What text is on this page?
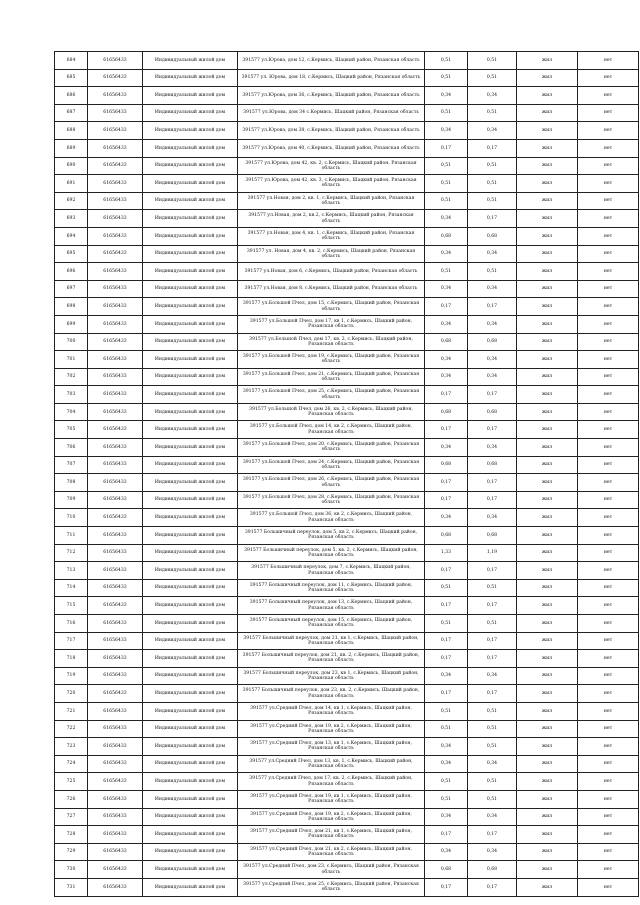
684	61656433	Индивидуальный жилой дом	391577 ул.Юрова, дом 12, с.Кермись, Шацкий район, Рязанская область	0,51	0,51	жил	нет
685	61656433	Индивидуальный жилой дом	391577 ул. Юрова, дом 18, с.Кермись, Шацкий район, Рязанская область	0,51	0,51	жил	нет
686	61656433	Индивидуальный жилой дом	391577 ул.Юрова, дом 36, с.Кермись, Шацкий район, Рязанская область	0,34	0,34	жил	нет
687	61656433	Индивидуальный жилой дом	391577 ул.Юрова, дом 34 с.Кермись, Шацкий район, Рязанская область	0,51	0,51	жил	нет
688	61656433	Индивидуальный жилой дом	391577 ул.Юрова, дом 38, с.Кермись, Шацкий район, Рязанская область	0,34	0,34	жил	нет
689	61656433	Индивидуальный жилой дом	391577 ул.Юрова, дом 40, с.Кермись, Шацкий район, Рязанская область	0,17	0,17	жил	нет
690	61656433	Индивидуальный жилой дом	391577 ул.Юрова, дом 42, кв. 2, с.Кермись, Шацкий район, Рязанская область	0,51	0,51	жил	нет
691	61656433	Индивидуальный жилой дом	391577 ул.Юрова, дом 42, кв. 3, с.Кермись, Шацкий район, Рязанская область	0,51	0,51	жил	нет
692	61656433	Индивидуальный жилой дом	391577 ул.Новая, дом 2, кв. 1, с.Кермись, Шацкий район, Рязанская область	0,51	0,51	жил	нет
693	61656433	Индивидуальный жилой дом	391577 ул.Новая, дом 2, кв.2, с.Кермись, Шацкий район, Рязанская область	0,34	0,17	жил	нет
694	61656433	Индивидуальный жилой дом	391577 ул.Новая, дом 4, кв. 1, с.Кермись, Шацкий район, Рязанская область	0,68	0,68	жил	нет
695	61656433	Индивидуальный жилой дом	391577 ул. Новая, дом 4, кв. 2, с.Кермись, Шацкий район, Рязанская область	0,34	0,34	жил	нет
696	61656433	Индивидуальный жилой дом	391577 ул.Новая, дом 6, с.Кермись, Шацкий район, Рязанская область	0,51	0,51	жил	нет
697	61656433	Индивидуальный жилой дом	391577 ул.Новая, дом 8, с.Кермись, Шацкий район, Рязанская область	0,34	0,34	жил	нет
698	61656433	Индивидуальный жилой дом	391577 ул.Большой Пчел, дом 15, с.Кермись, Шацкий район, Рязанская область	0,17	0,17	жил	нет
699	61656433	Индивидуальный жилой дом	391577 ул.Большой Пчел, дом 17, кв 1, с.Кермись, Шацкий район, Рязанская область	0,34	0,34	жил	нет
700	61656433	Индивидуальный жилой дом	391577 ул.Большой Пчел, дом 17, кв. 2, с.Кермись, Шацкий район, Рязанская область	0,68	0,68	жил	нет
701	61656433	Индивидуальный жилой дом	391577 ул.Большой Пчел, дом 19, с.Кермись, Шацкий район, Рязанская область	0,34	0,34	жил	нет
702	61656433	Индивидуальный жилой дом	391577 ул.Большой Пчел, дом 21, с.Кермись, Шацкий район, Рязанская область	0,34	0,34	жил	нет
703	61656433	Индивидуальный жилой дом	391577 ул.Большой Пчел, дом 25, с.Кермись, Шацкий район, Рязанская область	0,17	0,17	жил	нет
704	61656433	Индивидуальный жилой дом	391577 ул.Большой Пчел, дом 26, кв. 2, с.Кермись, Шацкий район, Рязанская область	0,68	0,68	жил	нет
705	61656433	Индивидуальный жилой дом	391577 ул.Большой Пчел, дом 14, кв 2, с.Кермись, Шацкий район, Рязанская область	0,17	0,17	жил	нет
706	61656433	Индивидуальный жилой дом	391577 ул.Большой Пчел, дом 20, с.Кермись, Шацкий район, Рязанская область	0,34	0,34	жил	нет
707	61656433	Индивидуальный жилой дом	391577 ул.Большой Пчел, дом 24, с.Кермись, Шацкий район, Рязанская область	0,68	0,68	жил	нет
708	61656433	Индивидуальный жилой дом	391577 ул.Большой Пчел, дом 26, с.Кермись, Шацкий район, Рязанская область	0,17	0,17	жил	нет
709	61656433	Индивидуальный жилой дом	391577 ул.Большой Пчел, дом 28, с.Кермись, Шацкий район, Рязанская область	0,17	0,17	жил	нет
710	61656433	Индивидуальный жилой дом	391577 ул.Большой Пчел, дом 36, кв 2, с.Кермись, Шацкий район, Рязанская область	0,34	0,34	жил	нет
711	61656433	Индивидуальный жилой дом	391577 Большичный переулок, дом 5, кв 2, с.Кермись, Шацкий район, Рязанская область	0,68	0,68	жил	нет
712	61656433	Индивидуальный жилой дом	391577 Большичный переулок, дом 5, кв. 2, с.Кермись, Шацкий район, Рязанская область	1,33	1,19	жил	нет
713	61656433	Индивидуальный жилой дом	391577 Большичный переулок, дом 7, с.Кермись, Шацкий район, Рязанская область	0,17	0,17	жил	нет
714	61656433	Индивидуальный жилой дом	391577 Большичный переулок, дом 11, с.Кермись, Шацкий район, Рязанская область	0,51	0,51	жил	нет
715	61656433	Индивидуальный жилой дом	391577 Большичный переулок, дом 13, с.Кермись, Шацкий район, Рязанская область	0,17	0,17	жил	нет
716	61656433	Индивидуальный жилой дом	391577 Большичный переулок, дом 15, с.Кермись, Шацкий район, Рязанская область	0,51	0,51	жил	нет
717	61656433	Индивидуальный жилой дом	391577 Большичный переулок, дом 21, кв 1, с.Кермись, Шацкий район, Рязанская область	0,17	0,17	жил	нет
718	61656433	Индивидуальный жилой дом	391577 Большичный переулок, дом 21, кв. 2, с.Кермись, Шацкий район, Рязанская область	0,17	0,17	жил	нет
719	61656433	Индивидуальный жилой дом	391577 Большичный переулок, дом 23, кв 1, с.Кермись, Шацкий район, Рязанская область	0,34	0,34	жил	нет
720	61656433	Индивидуальный жилой дом	391577 Большичный переулок, дом 23, кв. 2, с.Кермись, Шацкий район, Рязанская область	0,17	0,17	жил	нет
721	61656433	Индивидуальный жилой дом	391577 ул.Средний Пчел, дом 14, кв 1, с.Кермись, Шацкий район, Рязанская область	0,51	0,51	жил	нет
722	61656433	Индивидуальный жилой дом	391577 ул.Средний Пчел, дом 19, кв 2, с.Кермись, Шацкий район, Рязанская область	0,51	0,51	жил	нет
723	61656433	Индивидуальный жилой дом	391577 ул.Средний Пчел, дом 13, кв 1, с.Кермись, Шацкий район, Рязанская область	0,34	0,51	жил	нет
724	61656433	Индивидуальный жилой дом	391577 ул.Средний Пчел, дом 13, кв. 1, с.Кермись, Шацкий район, Рязанская область	0,34	0,34	жил	нет
725	61656433	Индивидуальный жилой дом	391577 ул.Средний Пчел, дом 17, кв. 2, с.Кермись, Шацкий район, Рязанская область	0,51	0,51	жил	нет
726	61656433	Индивидуальный жилой дом	391577 ул.Средний Пчел, дом 19, кв 1, с.Кермись, Шацкий район, Рязанская область	0,51	0,51	жил	нет
727	61656433	Индивидуальный жилой дом	391577 ул.Средний Пчел, дом 19, кв 2, с.Кермись, Шацкий район, Рязанская область	0,34	0,34	жил	нет
728	61656433	Индивидуальный жилой дом	391577 ул.Средний Пчел, дом 21, кв 1, с.Кермись, Шацкий район, Рязанская область	0,17	0,17	жил	нет
729	61656433	Индивидуальный жилой дом	391577 ул.Средний Пчел, дом 21, кв 2, с.Кермись, Шацкий район, Рязанская область	0,34	0,34	жил	нет
730	61656433	Индивидуальный жилой дом	391577 ул.Средний Пчел, дом 23, с.Кермись, Шацкий район, Рязанская область	0,68	0,68	жил	нет
731	61656433	Индивидуальный жилой дом	391577 ул.Средний Пчел, дом 25, с.Кермись, Шацкий район, Рязанская область	0,17	0,17	жил	нет
